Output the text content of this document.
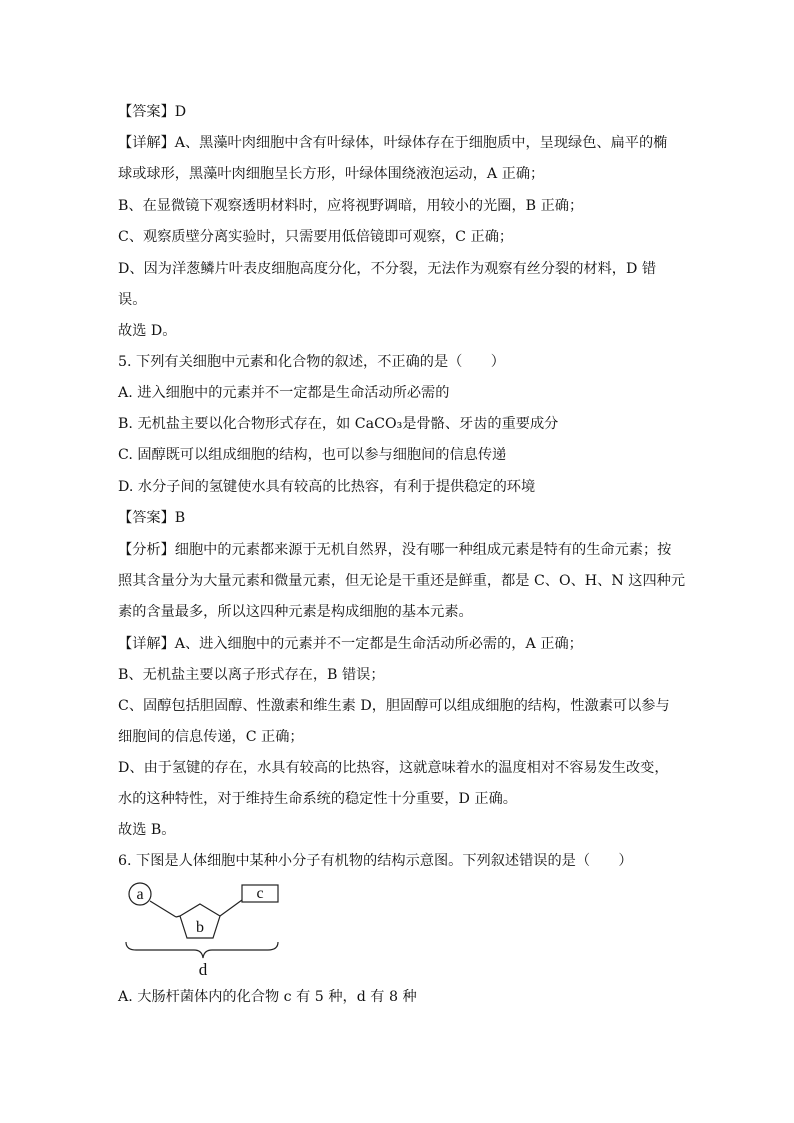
【答案】D
【详解】A、黑藻叶肉细胞中含有叶绿体，叶绿体存在于细胞质中，呈现绿色、扁平的椭
球或球形，黑藻叶肉细胞呈长方形，叶绿体围绕液泡运动，A 正确；
B、在显微镜下观察透明材料时，应将视野调暗，用较小的光圈，B 正确；
C、观察质壁分离实验时，只需要用低倍镜即可观察，C 正确；
D、因为洋葱鳞片叶表皮细胞高度分化，不分裂，无法作为观察有丝分裂的材料，D 错
误。
故选 D。
5. 下列有关细胞中元素和化合物的叙述，不正确的是（　　）
A. 进入细胞中的元素并不一定都是生命活动所必需的
B. 无机盐主要以化合物形式存在，如 CaCO₃是骨骼、牙齿的重要成分
C. 固醇既可以组成细胞的结构，也可以参与细胞间的信息传递
D. 水分子间的氢键使水具有较高的比热容，有利于提供稳定的环境
【答案】B
【分析】细胞中的元素都来源于无机自然界，没有哪一种组成元素是特有的生命元素；按
照其含量分为大量元素和微量元素，但无论是干重还是鲜重，都是 C、O、H、N 这四种元
素的含量最多，所以这四种元素是构成细胞的基本元素。
【详解】A、进入细胞中的元素并不一定都是生命活动所必需的，A 正确；
B、无机盐主要以离子形式存在，B 错误；
C、固醇包括胆固醇、性激素和维生素 D，胆固醇可以组成细胞的结构，性激素可以参与
细胞间的信息传递，C 正确；
D、由于氢键的存在，水具有较高的比热容，这就意味着水的温度相对不容易发生改变，
水的这种特性，对于维持生命系统的稳定性十分重要，D 正确。
故选 B。
6. 下图是人体细胞中某种小分子有机物的结构示意图。下列叙述错误的是（　　）
a
b
c
d
A. 大肠杆菌体内的化合物 c 有 5 种，d 有 8 种
